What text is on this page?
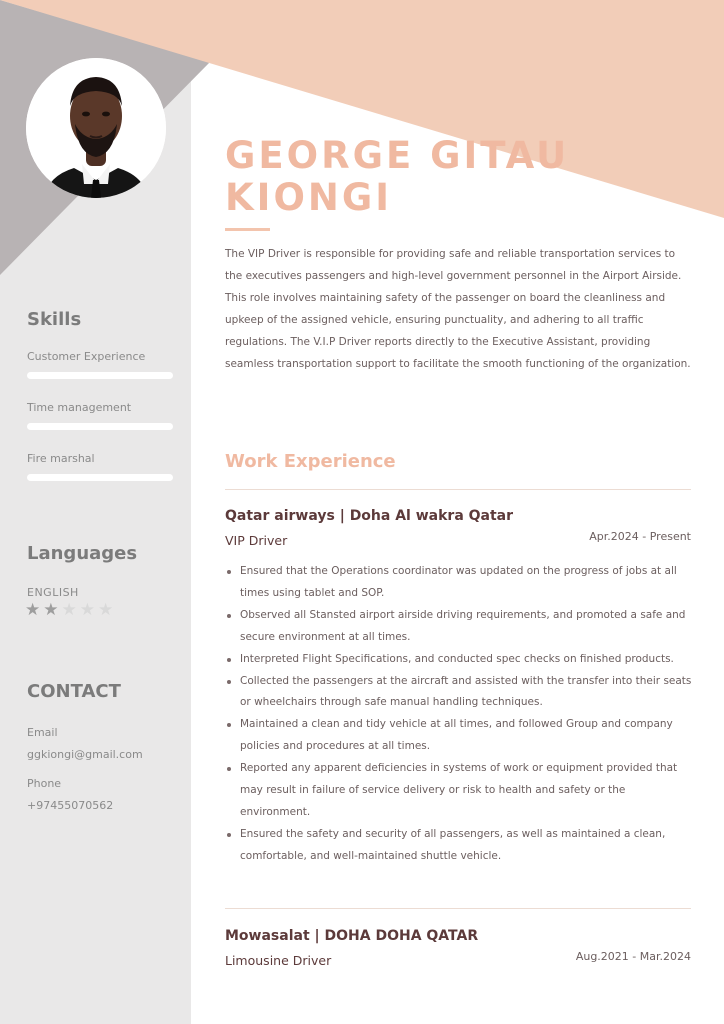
Skills
Customer Experience
Time management
Fire marshal
Languages
ENGLISH
★★★★★
CONTACT
Email
ggkiongi@gmail.com
Phone
+97455070562
GEORGE GITAU KIONGI
The VIP Driver is responsible for providing safe and reliable transportation services to the executives passengers and high-level government personnel in the Airport Airside. This role involves maintaining safety of the passenger on board the cleanliness and upkeep of the assigned vehicle, ensuring punctuality, and adhering to all traffic regulations. The V.I.P Driver reports directly to the Executive Assistant, providing seamless transportation support to facilitate the smooth functioning of the organization.
Work Experience
Qatar airways | Doha Al wakra Qatar
VIP Driver	Apr.2024 - Present
Ensured that the Operations coordinator was updated on the progress of jobs at all times using tablet and SOP.
Observed all Stansted airport airside driving requirements, and promoted a safe and secure environment at all times.
Interpreted Flight Specifications, and conducted spec checks on finished products.
Collected the passengers at the aircraft and assisted with the transfer into their seats or wheelchairs through safe manual handling techniques.
Maintained a clean and tidy vehicle at all times, and followed Group and company policies and procedures at all times.
Reported any apparent deficiencies in systems of work or equipment provided that may result in failure of service delivery or risk to health and safety or the environment.
Ensured the safety and security of all passengers, as well as maintained a clean, comfortable, and well-maintained shuttle vehicle.
Mowasalat | DOHA DOHA QATAR
Limousine Driver	Aug.2021 - Mar.2024
